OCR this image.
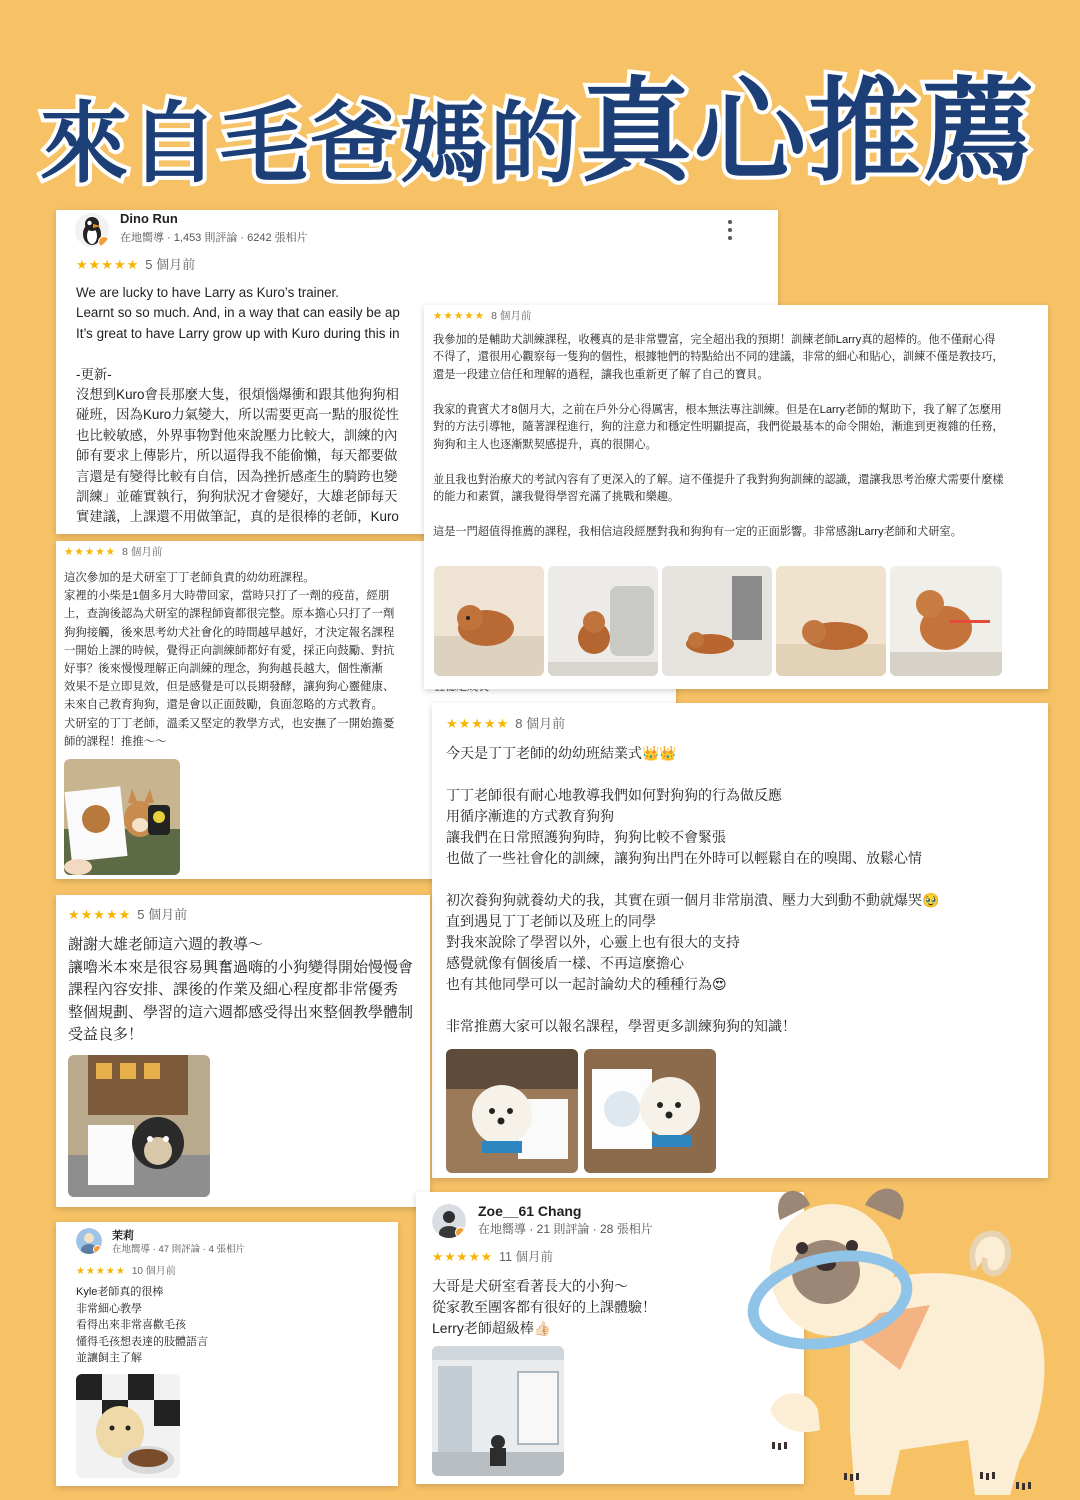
來自毛爸媽的 真心推薦
Dino Run
在地嚮導 · 1,453 則評論 · 6242 張相片
★★★★★ 5 個月前
We are lucky to have Larry as Kuro’s trainer.
Learnt so so much. And, in a way that can easily be ap
It’s great to have Larry grow up with Kuro during this in

-更新-
沒想到Kuro會長那麼大隻，很煩惱爆衝和跟其他狗狗相
碰班，因為Kuro力氣變大，所以需要更高一點的服從性
也比較敏感，外界事物對他來說壓力比較大，訓練的內
師有要求上傳影片，所以逼得我不能偷懶，每天都要做
言還是有變得比較有自信，因為挫折感產生的騎跨也變
訓練」並確實執行，狗狗狀況才會變好，大雄老師每天
實建議，上課還不用做筆記，真的是很棒的老師，Kuro
★★★★★ 8 個月前
這次參加的是犬研室丁丁老師負責的幼幼班課程。
家裡的小柴是1個多月大時帶回家，當時只打了一劑的疫苗，經朋
上，查詢後認為犬研室的課程師資都很完整。原本擔心只打了一劑
狗狗接觸，後來思考幼犬社會化的時間越早越好，才決定報名課程
一開始上課的時候，覺得正向訓練師都好有愛，採正向鼓勵、對抗
好事？後來慢慢理解正向訓練的理念，狗狗越長越大，個性漸漸
效果不是立即見效，但是感覺是可以長期發酵，讓狗狗心靈健康、
未來自己教育狗狗，還是會以正面鼓勵，負面忽略的方式教育。
犬研室的丁丁老師，溫柔又堅定的教學方式，也安撫了一開始擔憂
師的課程！推推～～
★★★★★ 8 個月前
我參加的是輔助犬訓練課程，收穫真的是非常豐富，完全超出我的預期！訓練老師Larry真的超棒的。他不僅耐心得不得了，還很用心觀察每一隻狗的個性，根據牠們的特點給出不同的建議，非常的細心和貼心，訓練不僅是教技巧，還是一段建立信任和理解的過程，讓我也重新更了解了自己的寶貝。
我家的貴賓犬才8個月大，之前在戶外分心得厲害，根本無法專注訓練。但是在Larry老師的幫助下，我了解了怎麼用對的方法引導牠，隨著課程進行，狗的注意力和穩定性明顯提高，我們從最基本的命令開始，漸進到更複雜的任務，狗狗和主人也逐漸默契感提升，真的很開心。
並且我也對治療犬的考試內容有了更深入的了解。這不僅提升了我對狗狗訓練的認識，還讓我思考治療犬需要什麼樣的能力和素質，讓我覺得學習充滿了挑戰和樂趣。
這是一門超值得推薦的課程，我相信這段經歷對我和狗狗有一定的正面影響。非常感謝Larry老師和犬研室。
★★★★★ 8 個月前
今天是丁丁老師的幼幼班結業式👑👑

丁丁老師很有耐心地教導我們如何對狗狗的行為做反應
用循序漸進的方式教育狗狗
讓我們在日常照護狗狗時，狗狗比較不會緊張
也做了一些社會化的訓練，讓狗狗出門在外時可以輕鬆自在的嗅聞、放鬆心情

初次養狗狗就養幼犬的我，其實在頭一個月非常崩潰、壓力大到動不動就爆哭🥹
直到遇見丁丁老師以及班上的同學
對我來說除了學習以外，心靈上也有很大的支持
感覺就像有個後盾一樣、不再這麼擔心
也有其他同學可以一起討論幼犬的種種行為😍

非常推薦大家可以報名課程，學習更多訓練狗狗的知識！
★★★★★ 5 個月前
謝謝大雄老師這六週的教導～
讓嚕米本來是很容易興奮過嗨的小狗變得開始慢慢會
課程內容安排、課後的作業及細心程度都非常優秀
整個規劃、學習的這六週都感受得出來整個教學體制
受益良多！
茉莉
在地嚮導 · 47 則評論 · 4 張相片
★★★★★ 10 個月前
Kyle老師真的很棒
非常細心教學
看得出來非常喜歡毛孩
懂得毛孩想表達的肢體語言
並讓飼主了解
Zoe__61 Chang
在地嚮導 · 21 則評論 · 28 張相片
★★★★★ 11 個月前
大哥是犬研室看著長大的小狗～
從家教至團客都有很好的上課體驗！
Lerry老師超級棒👍🏻
